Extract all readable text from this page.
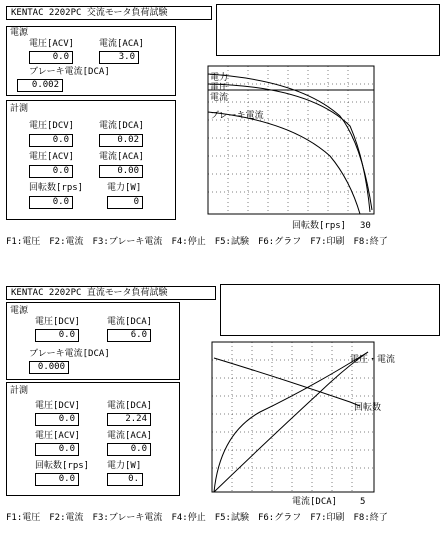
KENTAC 2202PC 交流モータ負荷試験
電源
電圧[ACV]	電流[ACA]
0.0	3.0
ブレーキ電流[DCA]
0.002
計測
電圧[DCV]	電流[DCA]
0.0	0.02
電圧[ACV]	電流[ACA]
0.0	0.00
回転数[rps]	電力[W]
0.0	0
電力
電圧
電流
ブレーキ電流
回転数[rps] 30
F1:電圧 F2:電流 F3:ブレーキ電流 F4:停止 F5:試験 F6:グラフ F7:印刷 F8:終了
KENTAC 2202PC 直流モータ負荷試験
電源
電圧[DCV]	電流[DCA]
0.0	6.0
ブレーキ電流[DCA]
0.000
計測
電圧[DCV]	電流[DCA]
0.0	2.24
電圧[ACV]	電流[ACA]
0.0	0.0
回転数[rps] 電力[W]
0.0	0.
電圧・電流
回転数
電流[DCA]	5
F1:電圧 F2:電流 F3:ブレーキ電流 F4:停止 F5:試験 F6:グラフ F7:印刷 F8:終了
